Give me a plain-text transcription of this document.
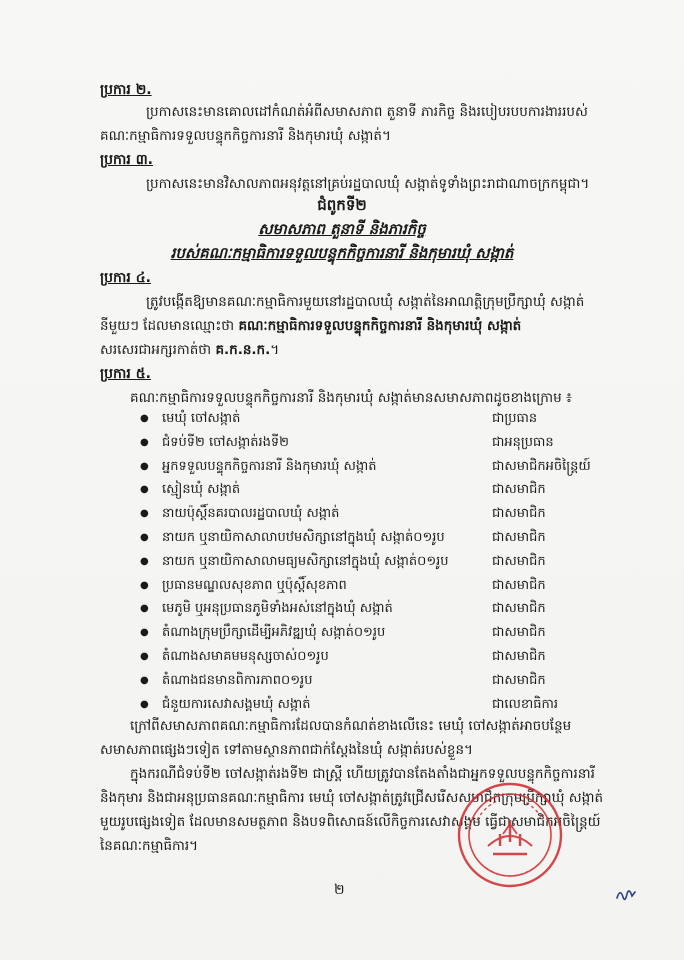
ប្រការ ២.
ប្រកាសនេះមានគោលដៅកំណត់អំពីសមាសភាព តួនាទី ភារកិច្ច និងរបៀបរបបការងាររបស់
គណៈកម្មាធិការទទួលបន្ទុកកិច្ចការនារី និងកុមារឃុំ សង្កាត់។
ប្រការ ៣.
ប្រកាសនេះមានវិសាលភាពអនុវត្តនៅគ្រប់រដ្ឋបាលឃុំ សង្កាត់ទូទាំងព្រះរាជាណាចក្រកម្ពុជា។
ជំពូកទី២
សមាសភាព តួនាទី និងភារកិច្ច
របស់គណៈកម្មាធិការទទួលបន្ទុកកិច្ចការនារី និងកុមារឃុំ សង្កាត់
ប្រការ ៤.
ត្រូវបង្កើតឱ្យមានគណៈកម្មាធិការមួយនៅរដ្ឋបាលឃុំ សង្កាត់នៃអាណត្តិក្រុមប្រឹក្សាឃុំ សង្កាត់
នីមួយៗ ដែលមានឈ្មោះថា គណៈកម្មាធិការទទួលបន្ទុកកិច្ចការនារី និងកុមារឃុំ សង្កាត់
សរសេរជាអក្សរកាត់ថា គ.ក.ន.ក.។
ប្រការ ៥.
គណៈកម្មាធិការទទួលបន្ទុកកិច្ចការនារី និងកុមារឃុំ សង្កាត់មានសមាសភាពដូចខាងក្រោម ៖
● មេឃុំ ចៅសង្កាត់	ជាប្រធាន
● ជំទប់ទី២ ចៅសង្កាត់រងទី២	ជាអនុប្រធាន
● អ្នកទទួលបន្ទុកកិច្ចការនារី និងកុមារឃុំ សង្កាត់	ជាសមាជិកអចិន្ត្រៃយ៍
● ស្មៀនឃុំ សង្កាត់	ជាសមាជិក
● នាយប៉ុស្តិ៍នគរបាលរដ្ឋបាលឃុំ សង្កាត់	ជាសមាជិក
● នាយក ឬនាយិកាសាលាបឋមសិក្សានៅក្នុងឃុំ សង្កាត់០១រូប	ជាសមាជិក
● នាយក ឬនាយិកាសាលាមធ្យមសិក្សានៅក្នុងឃុំ សង្កាត់០១រូប	ជាសមាជិក
● ប្រធានមណ្ឌលសុខភាព ឬប៉ុស្តិ៍សុខភាព	ជាសមាជិក
● មេភូមិ ឬអនុប្រធានភូមិទាំងអស់នៅក្នុងឃុំ សង្កាត់	ជាសមាជិក
● តំណាងក្រុមប្រឹក្សាដើម្បីអភិវឌ្ឍឃុំ សង្កាត់០១រូប	ជាសមាជិក
● តំណាងសមាគមមនុស្សចាស់០១រូប	ជាសមាជិក
● តំណាងជនមានពិការភាព០១រូប	ជាសមាជិក
● ជំនួយការសេវាសង្គមឃុំ សង្កាត់	ជាលេខាធិការ
ក្រៅពីសមាសភាពគណៈកម្មាធិការដែលបានកំណត់ខាងលើនេះ មេឃុំ ចៅសង្កាត់អាចបន្ថែម
សមាសភាពផ្សេងៗទៀត ទៅតាមស្ថានភាពជាក់ស្តែងនៃឃុំ សង្កាត់របស់ខ្លួន។
ក្នុងករណីជំទប់ទី២ ចៅសង្កាត់រងទី២ ជាស្ត្រី ហើយត្រូវបានតែងតាំងជាអ្នកទទួលបន្ទុកកិច្ចការនារី
និងកុមារ និងជាអនុប្រធានគណៈកម្មាធិការ មេឃុំ ចៅសង្កាត់ត្រូវជ្រើសរើសសមាជិកក្រុមប្រឹក្សាឃុំ សង្កាត់
មួយរូបផ្សេងទៀត ដែលមានសមត្ថភាព និងបទពិសោធន៍លើកិច្ចការសេវាសង្គម ធ្វើជាសមាជិកអចិន្ត្រៃយ៍
នៃគណៈកម្មាធិការ។
២
